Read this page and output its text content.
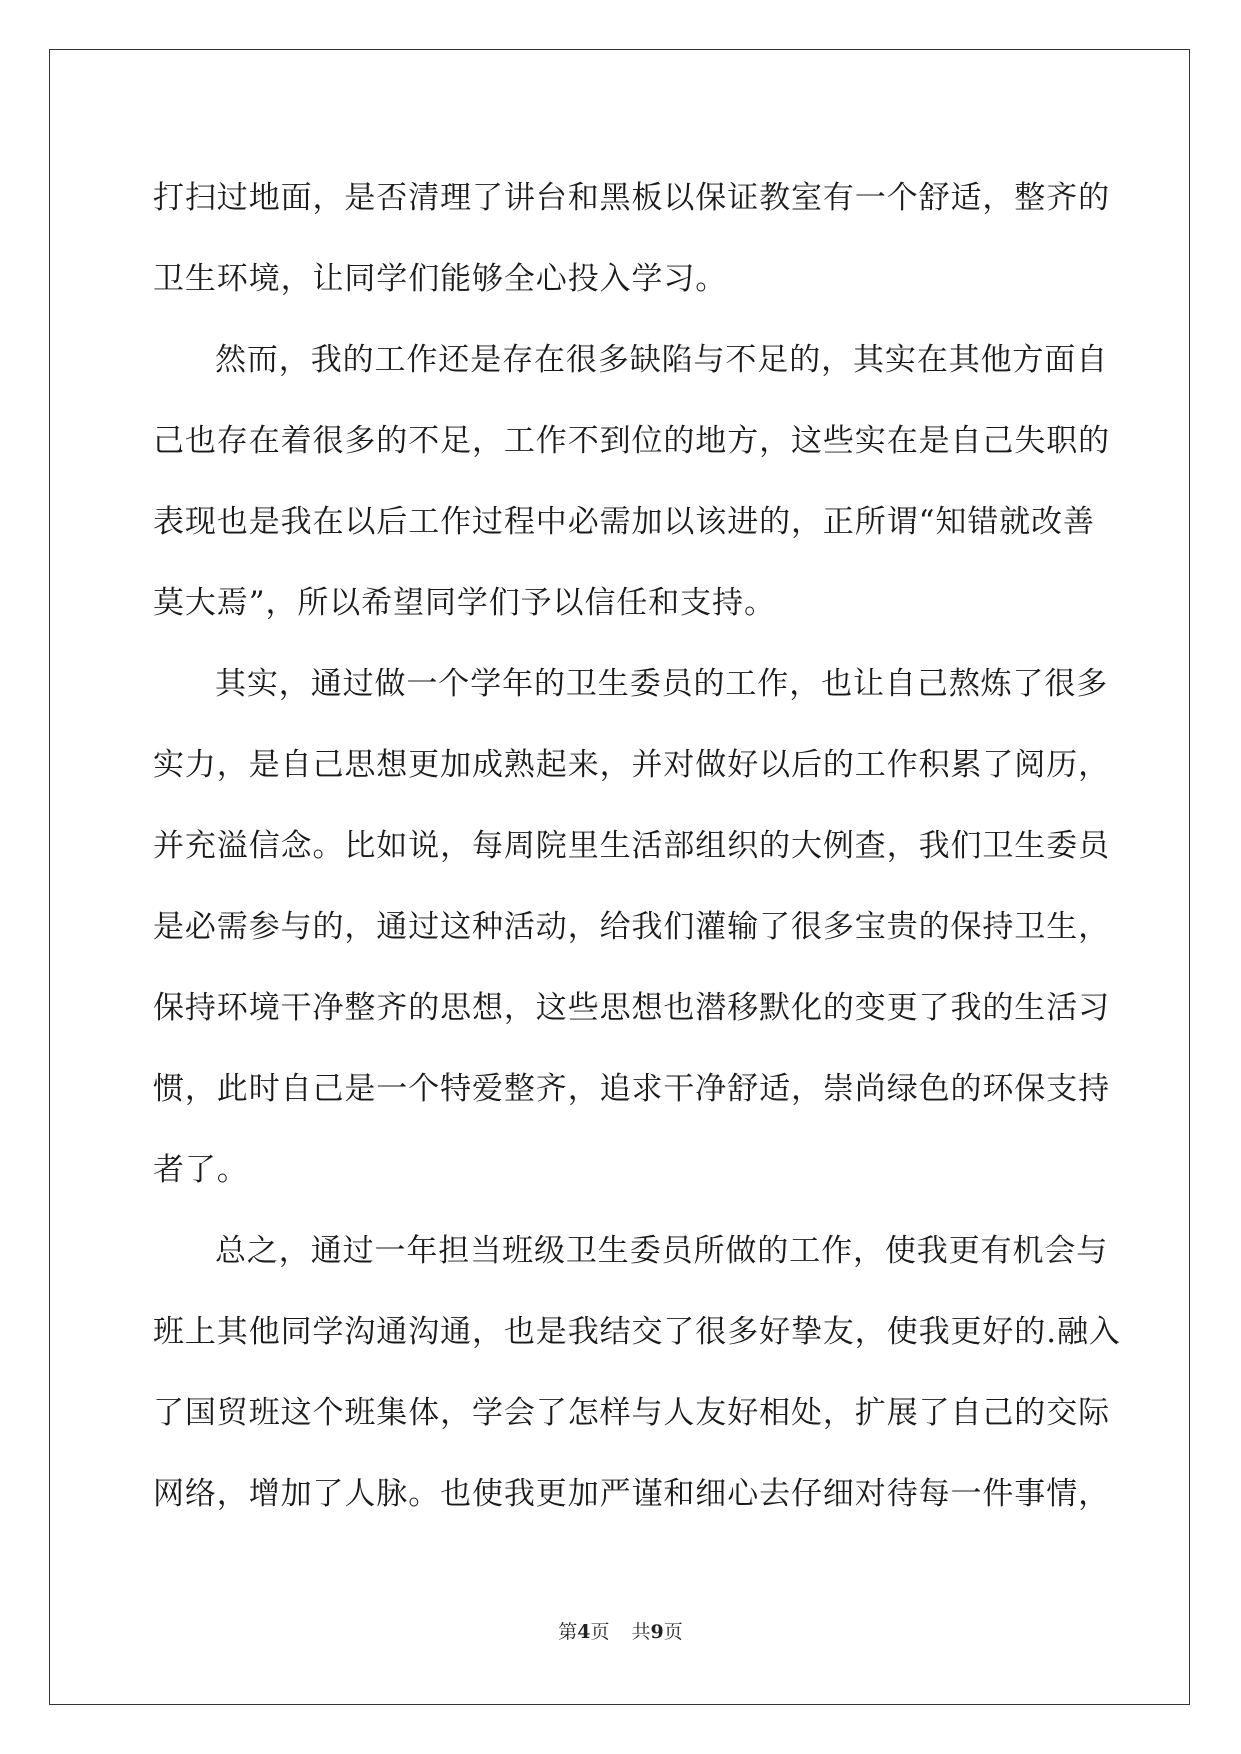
打扫过地面，是否清理了讲台和黑板以保证教室有一个舒适，整齐的
卫生环境，让同学们能够全心投入学习。
然而，我的工作还是存在很多缺陷与不足的，其实在其他方面自
己也存在着很多的不足，工作不到位的地方，这些实在是自己失职的
表现也是我在以后工作过程中必需加以该进的，正所谓“知错就改善
莫大焉”，所以希望同学们予以信任和支持。
其实，通过做一个学年的卫生委员的工作，也让自己熬炼了很多
实力，是自己思想更加成熟起来，并对做好以后的工作积累了阅历，
并充溢信念。比如说，每周院里生活部组织的大例查，我们卫生委员
是必需参与的，通过这种活动，给我们灌输了很多宝贵的保持卫生，
保持环境干净整齐的思想，这些思想也潜移默化的变更了我的生活习
惯，此时自己是一个特爱整齐，追求干净舒适，崇尚绿色的环保支持
者了。
总之，通过一年担当班级卫生委员所做的工作，使我更有机会与
班上其他同学沟通沟通，也是我结交了很多好挚友，使我更好的.融入
了国贸班这个班集体，学会了怎样与人友好相处，扩展了自己的交际
网络，增加了人脉。也使我更加严谨和细心去仔细对待每一件事情，
第4页 共9页
